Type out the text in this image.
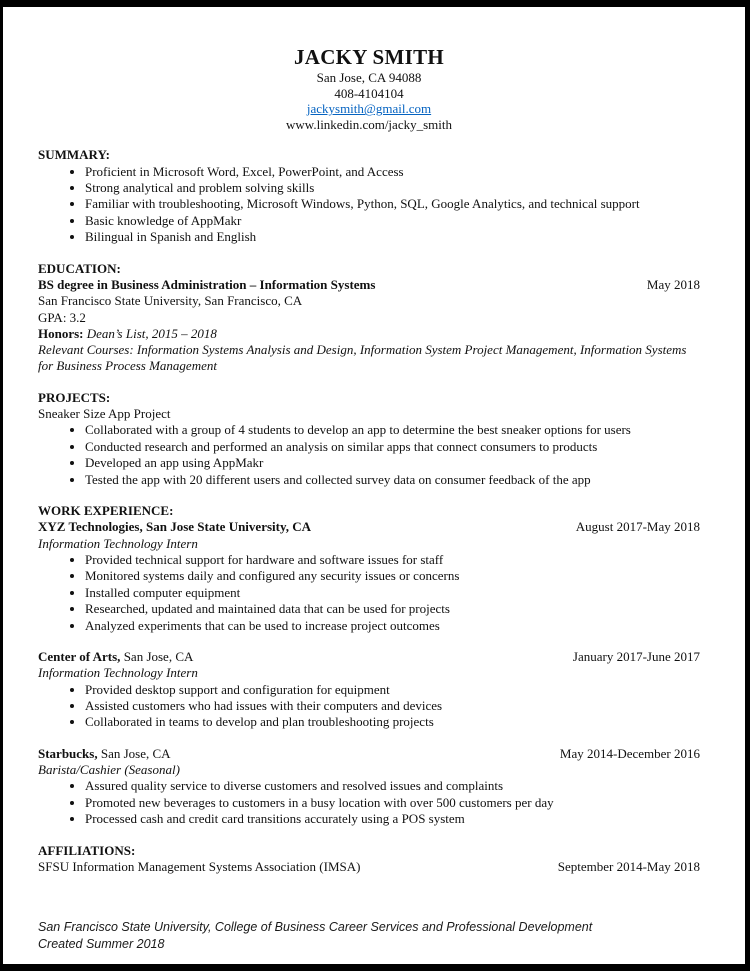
JACKY SMITH
San Jose, CA 94088
408-4104104
jackysmith@gmail.com
www.linkedin.com/jacky_smith
SUMMARY:
• Proficient in Microsoft Word, Excel, PowerPoint, and Access
• Strong analytical and problem solving skills
• Familiar with troubleshooting, Microsoft Windows, Python, SQL, Google Analytics, and technical support
• Basic knowledge of AppMakr
• Bilingual in Spanish and English
EDUCATION:
BS degree in Business Administration – Information Systems	May 2018
San Francisco State University, San Francisco, CA
GPA: 3.2
Honors: Dean’s List, 2015 – 2018
Relevant Courses: Information Systems Analysis and Design, Information System Project Management, Information Systems for Business Process Management
PROJECTS:
Sneaker Size App Project
• Collaborated with a group of 4 students to develop an app to determine the best sneaker options for users
• Conducted research and performed an analysis on similar apps that connect consumers to products
• Developed an app using AppMakr
• Tested the app with 20 different users and collected survey data on consumer feedback of the app
WORK EXPERIENCE:
XYZ Technologies, San Jose State University, CA	August 2017-May 2018
Information Technology Intern
• Provided technical support for hardware and software issues for staff
• Monitored systems daily and configured any security issues or concerns
• Installed computer equipment
• Researched, updated and maintained data that can be used for projects
• Analyzed experiments that can be used to increase project outcomes
Center of Arts, San Jose, CA	January 2017-June 2017
Information Technology Intern
• Provided desktop support and configuration for equipment
• Assisted customers who had issues with their computers and devices
• Collaborated in teams to develop and plan troubleshooting projects
Starbucks, San Jose, CA	May 2014-December 2016
Barista/Cashier (Seasonal)
• Assured quality service to diverse customers and resolved issues and complaints
• Promoted new beverages to customers in a busy location with over 500 customers per day
• Processed cash and credit card transitions accurately using a POS system
AFFILIATIONS:
SFSU Information Management Systems Association (IMSA)	September 2014-May 2018
San Francisco State University, College of Business Career Services and Professional Development
Created Summer 2018
